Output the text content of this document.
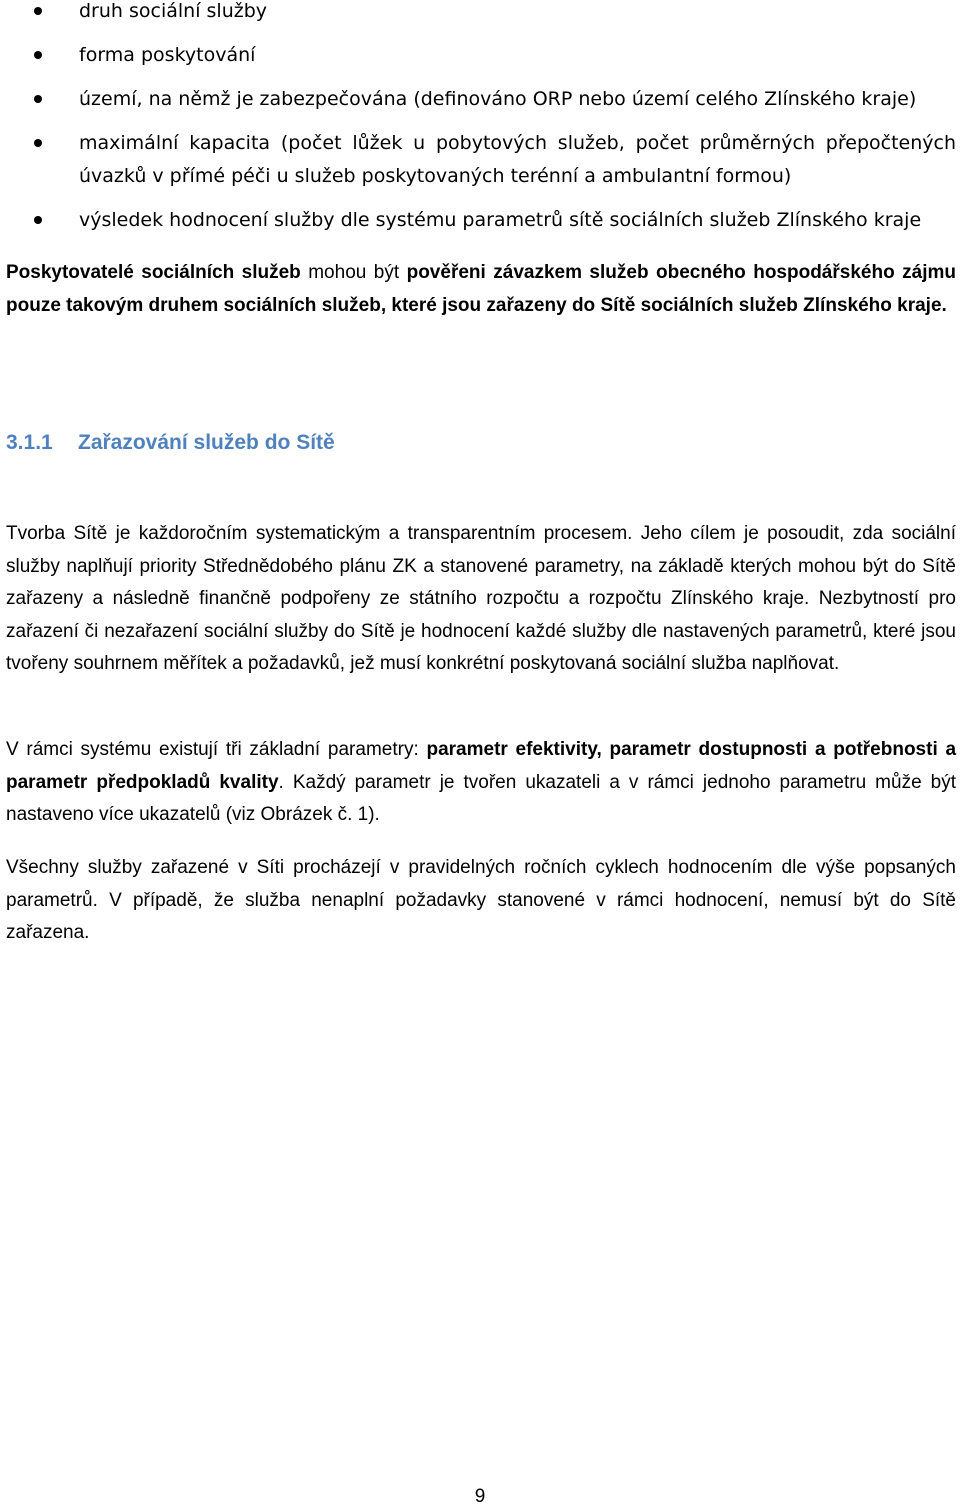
druh sociální služby
forma poskytování
území, na němž je zabezpečována (definováno ORP nebo území celého Zlínského kraje)
maximální kapacita (počet lůžek u pobytových služeb, počet průměrných přepočtených úvazků v přímé péči u služeb poskytovaných terénní a ambulantní formou)
výsledek hodnocení služby dle systému parametrů sítě sociálních služeb Zlínského kraje

Poskytovatelé sociálních služeb mohou být pověřeni závazkem služeb obecného hospodářského zájmu pouze takovým druhem sociálních služeb, které jsou zařazeny do Sítě sociálních služeb Zlínského kraje.

3.1.1 Zařazování služeb do Sítě

Tvorba Sítě je každoročním systematickým a transparentním procesem. Jeho cílem je posoudit, zda sociální služby naplňují priority Střednědobého plánu ZK a stanovené parametry, na základě kterých mohou být do Sítě zařazeny a následně finančně podpořeny ze státního rozpočtu a rozpočtu Zlínského kraje. Nezbytností pro zařazení či nezařazení sociální služby do Sítě je hodnocení každé služby dle nastavených parametrů, které jsou tvořeny souhrnem měřítek a požadavků, jež musí konkrétní poskytovaná sociální služba naplňovat.

V rámci systému existují tři základní parametry: parametr efektivity, parametr dostupnosti a potřebnosti a parametr předpokladů kvality. Každý parametr je tvořen ukazateli a v rámci jednoho parametru může být nastaveno více ukazatelů (viz Obrázek č. 1).

Všechny služby zařazené v Síti procházejí v pravidelných ročních cyklech hodnocením dle výše popsaných parametrů. V případě, že služba nenaplní požadavky stanovené v rámci hodnocení, nemusí být do Sítě zařazena.

9
